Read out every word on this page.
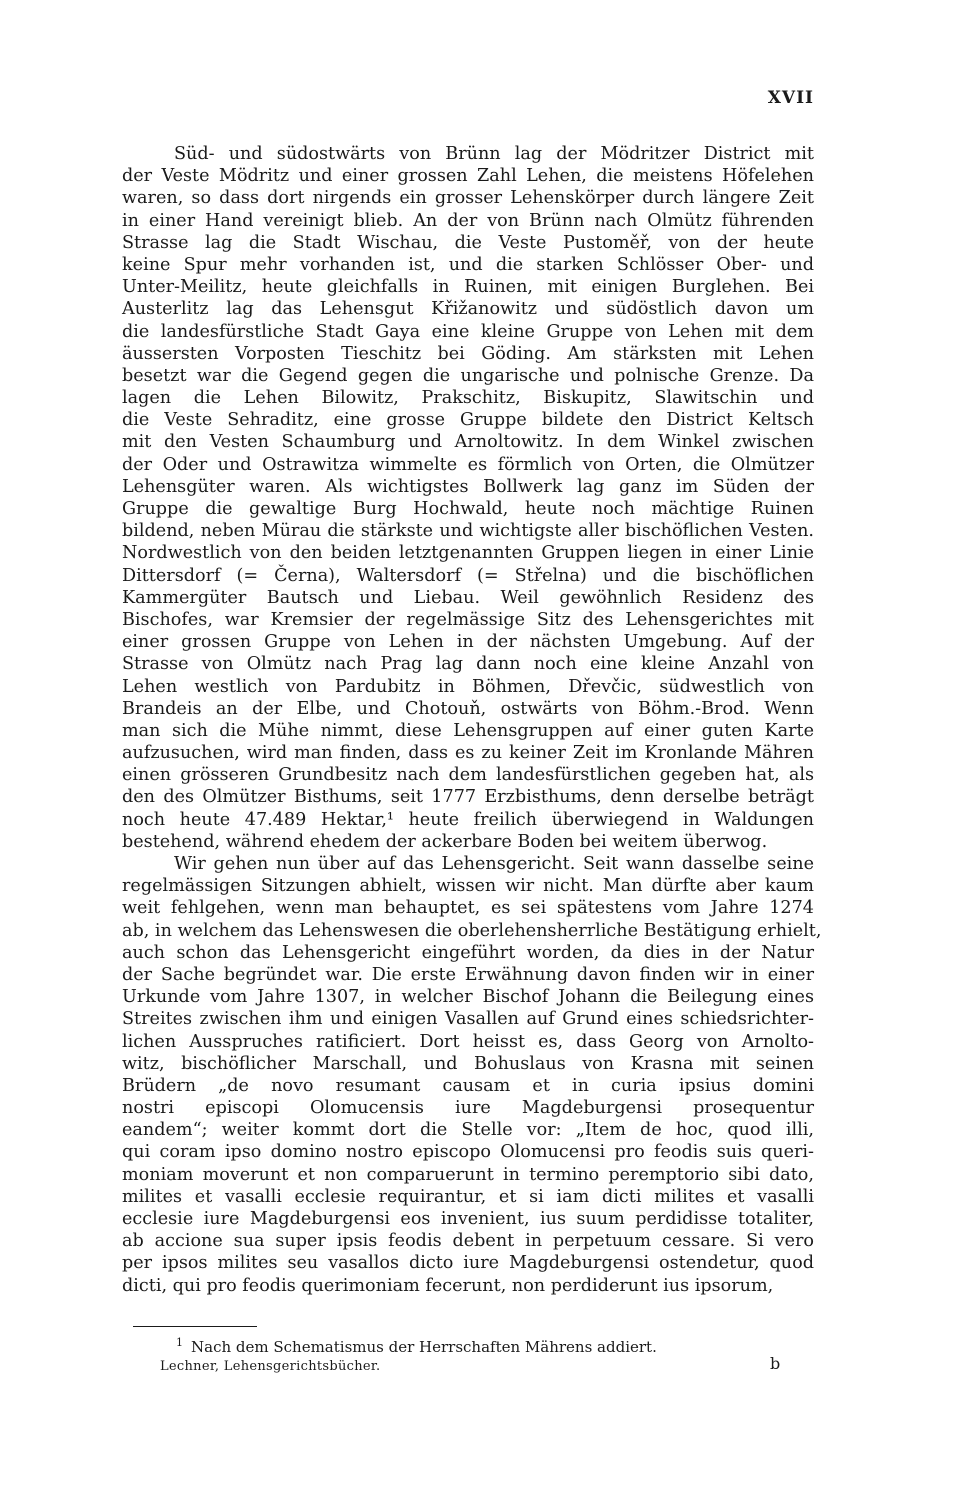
XVII
Süd- und südostwärts von Brünn lag der Mödritzer District mit
der Veste Mödritz und einer grossen Zahl Lehen, die meistens Höfelehen
waren, so dass dort nirgends ein grosser Lehenskörper durch längere Zeit
in einer Hand vereinigt blieb. An der von Brünn nach Olmütz führenden
Strasse lag die Stadt Wischau, die Veste Pustoměř, von der heute
keine Spur mehr vorhanden ist, und die starken Schlösser Ober- und
Unter-Meilitz, heute gleichfalls in Ruinen, mit einigen Burglehen. Bei
Austerlitz lag das Lehensgut Křižanowitz und südöstlich davon um
die landesfürstliche Stadt Gaya eine kleine Gruppe von Lehen mit dem
äussersten Vorposten Tieschitz bei Göding. Am stärksten mit Lehen
besetzt war die Gegend gegen die ungarische und polnische Grenze. Da
lagen die Lehen Bilowitz, Prakschitz, Biskupitz, Slawitschin und
die Veste Sehraditz, eine grosse Gruppe bildete den District Keltsch
mit den Vesten Schaumburg und Arnoltowitz. In dem Winkel zwischen
der Oder und Ostrawitza wimmelte es förmlich von Orten, die Olmützer
Lehensgüter waren. Als wichtigstes Bollwerk lag ganz im Süden der
Gruppe die gewaltige Burg Hochwald, heute noch mächtige Ruinen
bildend, neben Mürau die stärkste und wichtigste aller bischöflichen Vesten.
Nordwestlich von den beiden letztgenannten Gruppen liegen in einer Linie
Dittersdorf (= Černa), Waltersdorf (= Střelna) und die bischöflichen
Kammergüter Bautsch und Liebau. Weil gewöhnlich Residenz des
Bischofes, war Kremsier der regelmässige Sitz des Lehensgerichtes mit
einer grossen Gruppe von Lehen in der nächsten Umgebung. Auf der
Strasse von Olmütz nach Prag lag dann noch eine kleine Anzahl von
Lehen westlich von Pardubitz in Böhmen, Dřevčic, südwestlich von
Brandeis an der Elbe, und Chotouň, ostwärts von Böhm.-Brod. Wenn
man sich die Mühe nimmt, diese Lehensgruppen auf einer guten Karte
aufzusuchen, wird man finden, dass es zu keiner Zeit im Kronlande Mähren
einen grösseren Grundbesitz nach dem landesfürstlichen gegeben hat, als
den des Olmützer Bisthums, seit 1777 Erzbisthums, denn derselbe beträgt
noch heute 47.489 Hektar,¹ heute freilich überwiegend in Waldungen
bestehend, während ehedem der ackerbare Boden bei weitem überwog.
Wir gehen nun über auf das Lehensgericht. Seit wann dasselbe seine
regelmässigen Sitzungen abhielt, wissen wir nicht. Man dürfte aber kaum
weit fehlgehen, wenn man behauptet, es sei spätestens vom Jahre 1274
ab, in welchem das Lehenswesen die oberlehensherrliche Bestätigung erhielt,
auch schon das Lehensgericht eingeführt worden, da dies in der Natur
der Sache begründet war. Die erste Erwähnung davon finden wir in einer
Urkunde vom Jahre 1307, in welcher Bischof Johann die Beilegung eines
Streites zwischen ihm und einigen Vasallen auf Grund eines schiedsrichter-
lichen Ausspruches ratificiert. Dort heisst es, dass Georg von Arnolto-
witz, bischöflicher Marschall, und Bohuslaus von Krasna mit seinen
Brüdern „de novo resumant causam et in curia ipsius domini
nostri episcopi Olomucensis iure Magdeburgensi prosequentur
eandem“; weiter kommt dort die Stelle vor: „Item de hoc, quod illi,
qui coram ipso domino nostro episcopo Olomucensi pro feodis suis queri-
moniam moverunt et non comparuerunt in termino peremptorio sibi dato,
milites et vasalli ecclesie requirantur, et si iam dicti milites et vasalli
ecclesie iure Magdeburgensi eos invenient, ius suum perdidisse totaliter,
ab accione sua super ipsis feodis debent in perpetuum cessare. Si vero
per ipsos milites seu vasallos dicto iure Magdeburgensi ostendetur, quod
dicti, qui pro feodis querimoniam fecerunt, non perdiderunt ius ipsorum,
$^1$ Nach dem Schematismus der Herrschaften Mährens addiert.
Lechner, Lehensgerichtsbücher.	b
